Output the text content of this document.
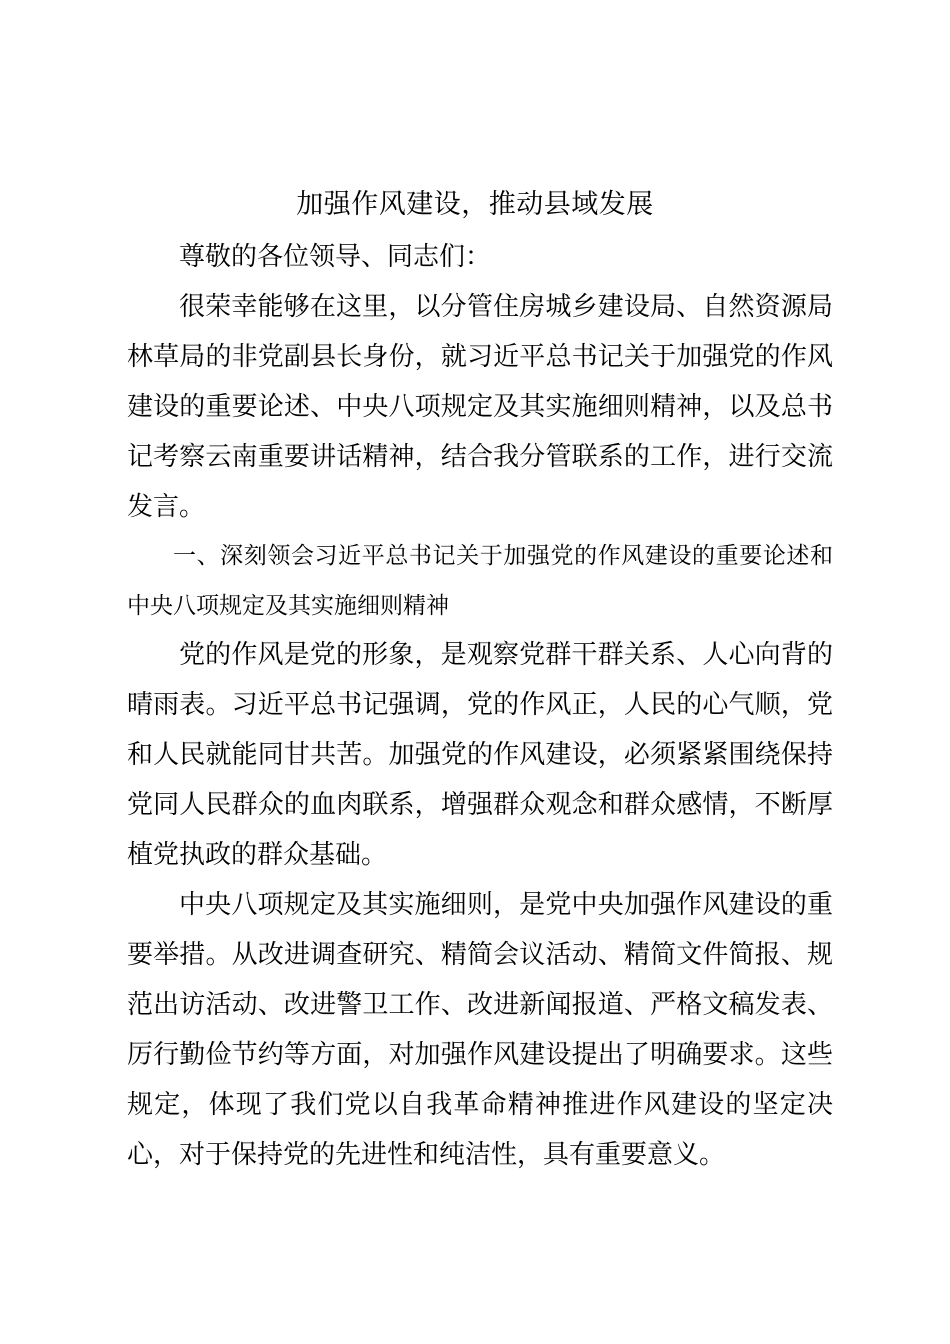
加强作风建设，推动县域发展

尊敬的各位领导、同志们：

很荣幸能够在这里，以分管住房城乡建设局、自然资源局林草局的非党副县长身份，就习近平总书记关于加强党的作风建设的重要论述、中央八项规定及其实施细则精神，以及总书记考察云南重要讲话精神，结合我分管联系的工作，进行交流发言。

一、深刻领会习近平总书记关于加强党的作风建设的重要论述和中央八项规定及其实施细则精神

党的作风是党的形象，是观察党群干群关系、人心向背的晴雨表。习近平总书记强调，党的作风正，人民的心气顺，党和人民就能同甘共苦。加强党的作风建设，必须紧紧围绕保持党同人民群众的血肉联系，增强群众观念和群众感情，不断厚植党执政的群众基础。

中央八项规定及其实施细则，是党中央加强作风建设的重要举措。从改进调查研究、精简会议活动、精简文件简报、规范出访活动、改进警卫工作、改进新闻报道、严格文稿发表、厉行勤俭节约等方面，对加强作风建设提出了明确要求。这些规定，体现了我们党以自我革命精神推进作风建设的坚定决心，对于保持党的先进性和纯洁性，具有重要意义。
